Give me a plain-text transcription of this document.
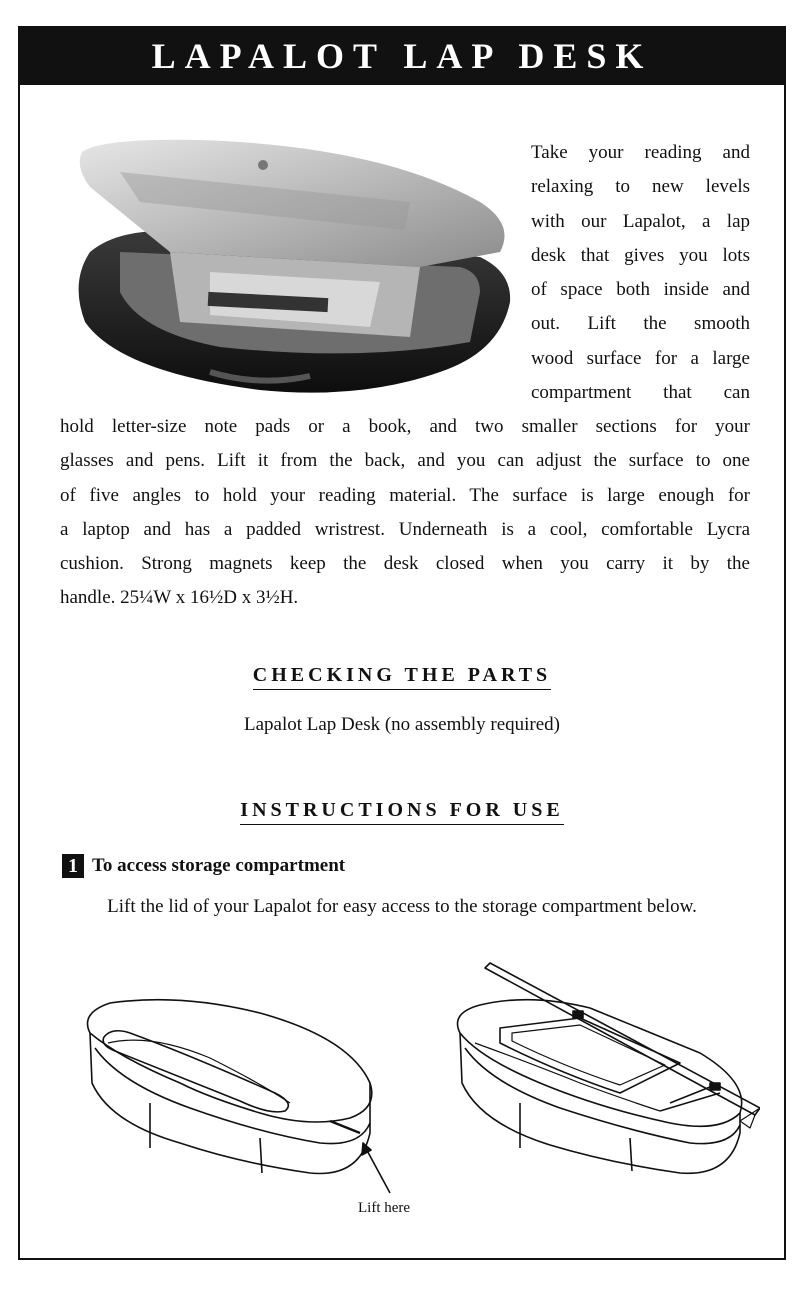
LAPALOT LAP DESK
Take your reading and
relaxing to new levels
with our Lapalot, a lap
desk that gives you lots
of space both inside and
out. Lift the smooth
wood surface for a large
compartment that can
hold letter-size note pads or a book, and two smaller sections for your
glasses and pens. Lift it from the back, and you can adjust the surface to one
of five angles to hold your reading material. The surface is large enough for
a laptop and has a padded wristrest. Underneath is a cool, comfortable Lycra
cushion. Strong magnets keep the desk closed when you carry it by the
handle. 25¼W x 16½D x 3½H.
CHECKING THE PARTS
Lapalot Lap Desk (no assembly required)
INSTRUCTIONS FOR USE
1 To access storage compartment
Lift the lid of your Lapalot for easy access to the storage compartment below.
Lift here
